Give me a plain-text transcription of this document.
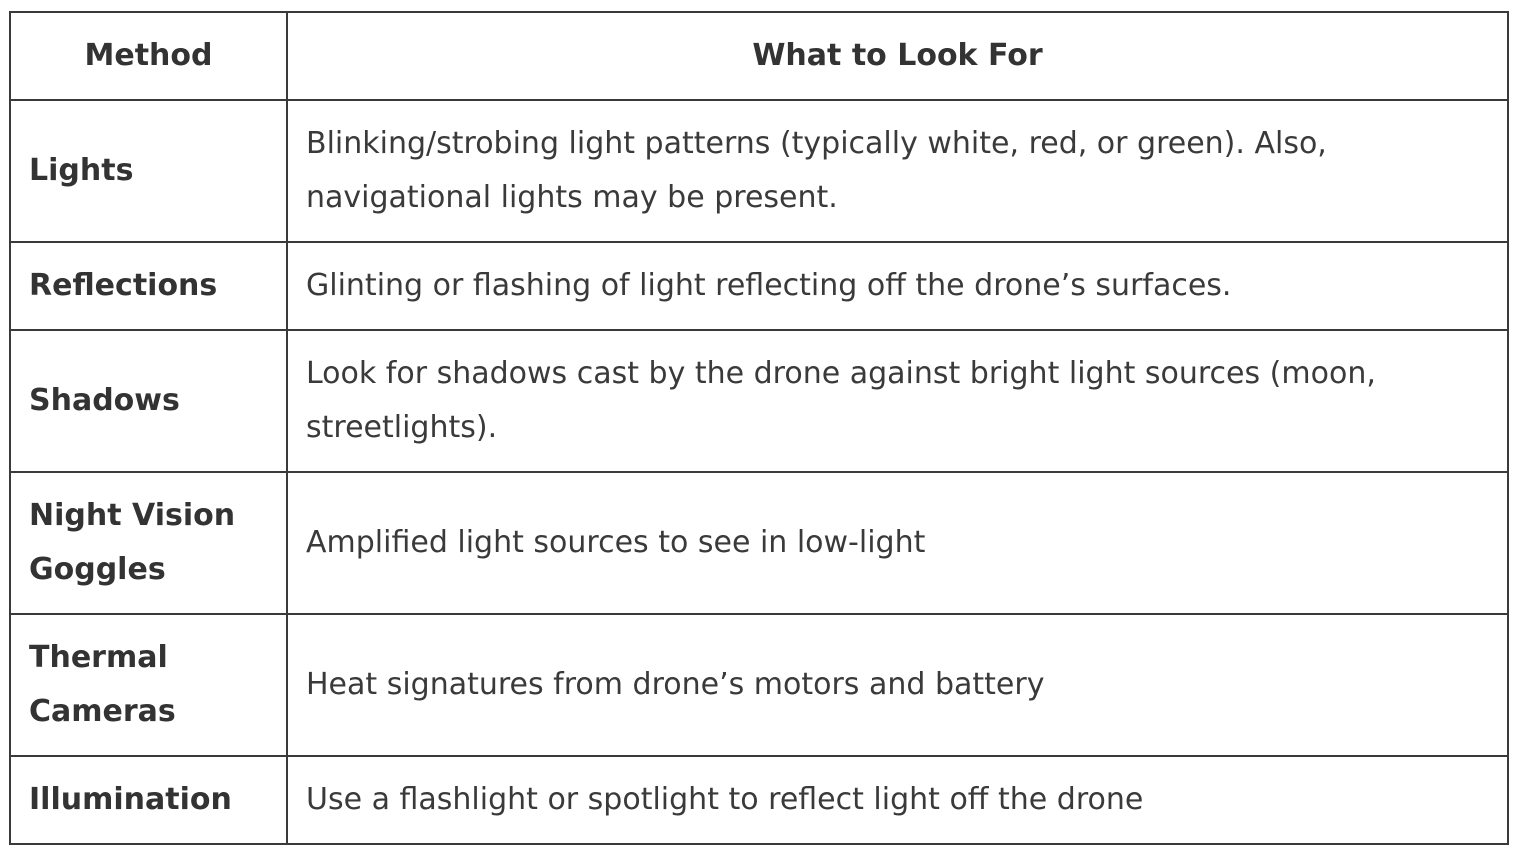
Method	What to Look For
Lights	Blinking/strobing light patterns (typically white, red, or green). Also, navigational lights may be present.
Reflections	Glinting or flashing of light reflecting off the drone’s surfaces.
Shadows	Look for shadows cast by the drone against bright light sources (moon, streetlights).
Night Vision Goggles	Amplified light sources to see in low-light
Thermal Cameras	Heat signatures from drone’s motors and battery
Illumination	Use a flashlight or spotlight to reflect light off the drone
